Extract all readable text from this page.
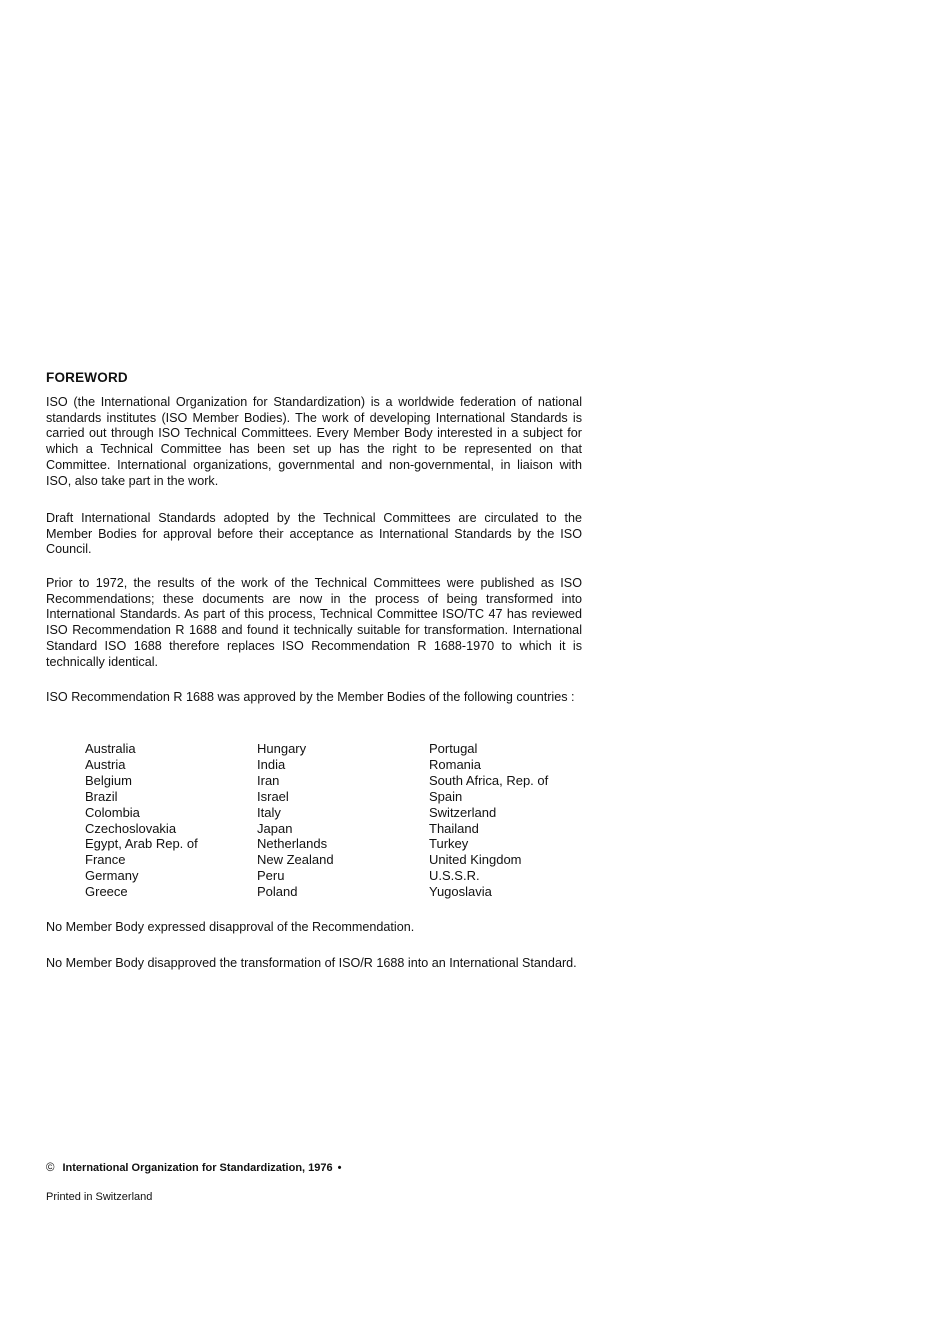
FOREWORD

ISO (the International Organization for Standardization) is a worldwide federation of national standards institutes (ISO Member Bodies). The work of developing International Standards is carried out through ISO Technical Committees. Every Member Body interested in a subject for which a Technical Committee has been set up has the right to be represented on that Committee. International organizations, governmental and non-governmental, in liaison with ISO, also take part in the work.

Draft International Standards adopted by the Technical Committees are circulated to the Member Bodies for approval before their acceptance as International Standards by the ISO Council.

Prior to 1972, the results of the work of the Technical Committees were published as ISO Recommendations; these documents are now in the process of being transformed into International Standards. As part of this process, Technical Committee ISO/TC 47 has reviewed ISO Recommendation R 1688 and found it technically suitable for transformation. International Standard ISO 1688 therefore replaces ISO Recommendation R 1688-1970 to which it is technically identical.

ISO Recommendation R 1688 was approved by the Member Bodies of the following countries :

Australia
Austria
Belgium
Brazil
Colombia
Czechoslovakia
Egypt, Arab Rep. of
France
Germany
Greece
Hungary
India
Iran
Israel
Italy
Japan
Netherlands
New Zealand
Peru
Poland
Portugal
Romania
South Africa, Rep. of
Spain
Switzerland
Thailand
Turkey
United Kingdom
U.S.S.R.
Yugoslavia

No Member Body expressed disapproval of the Recommendation.

No Member Body disapproved the transformation of ISO/R 1688 into an International Standard.

© International Organization for Standardization, 1976 •
Printed in Switzerland
